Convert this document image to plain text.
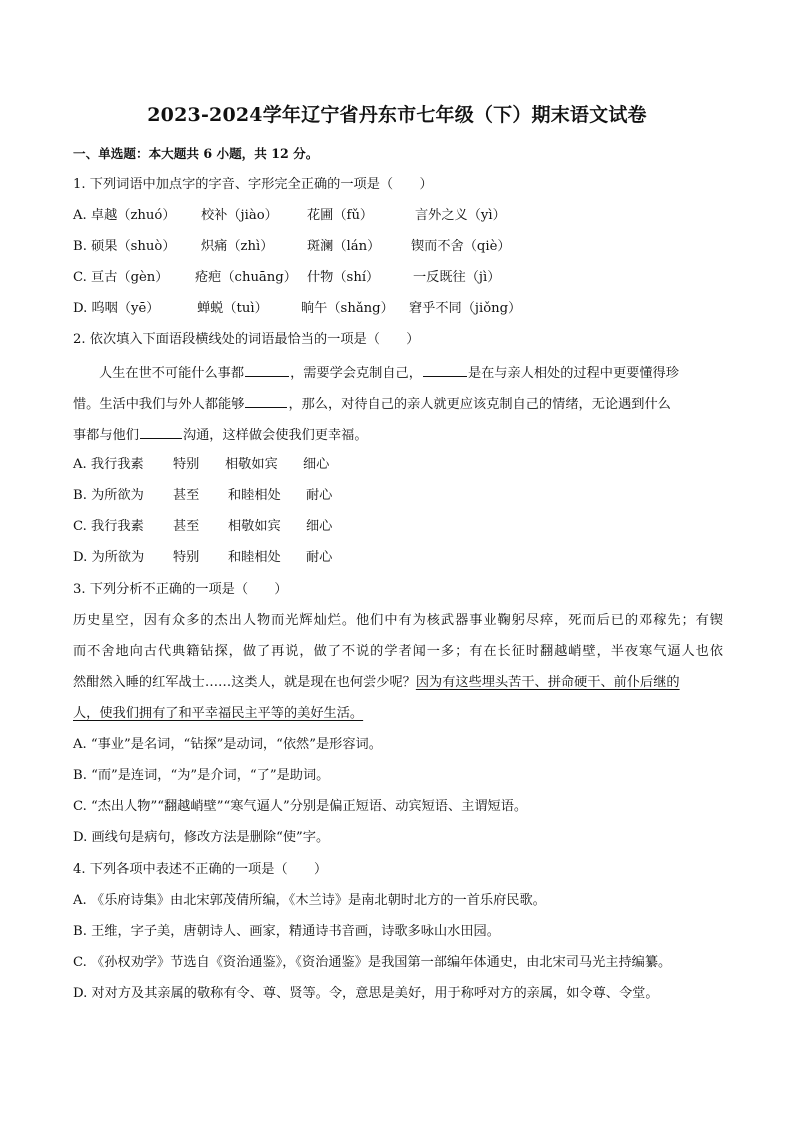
2023-2024学年辽宁省丹东市七年级（下）期末语文试卷
一、单选题：本大题共 6 小题，共 12 分。
1. 下列词语中加点字的字音、字形完全正确的一项是（　　）
A. 卓越（zhuó） 校补（jiào） 花圃（fǔ）	言外之义（yì）
B. 硕果（shuò） 炽痛（zhì）	斑澜（lán） 锲而不舍（qiè）
C. 亘古（gèn） 疮疤（chuāng） 什物（shí）	一反既往（jì）
D. 呜咽（yē）	蝉蜕（tuì）	晌午（shǎng） 窘乎不同（jiǒng）
2. 依次填入下面语段横线处的词语最恰当的一项是（　　）
人生在世不可能什么事都	，需要学会克制自己，	是在与亲人相处的过程中更要懂得珍
惜。生活中我们与外人都能够	，那么，对待自己的亲人就更应该克制自己的情绪，无论遇到什么
事都与他们	沟通，这样做会使我们更幸福。
A. 我行我素 特别 相敬如宾 细心
B. 为所欲为 甚至 和睦相处 耐心
C. 我行我素 甚至 相敬如宾 细心
D. 为所欲为 特别 和睦相处 耐心
3. 下列分析不正确的一项是（　　）
历史星空，因有众多的杰出人物而光辉灿烂。他们中有为核武器事业鞠躬尽瘁，死而后已的邓稼先；有锲
而不舍地向古代典籍钻探，做了再说，做了不说的学者闻一多；有在长征时翻越峭壁，半夜寒气逼人也依
然酣然入睡的红军战士……这类人，就是现在也何尝少呢？因为有这些埋头苦干、拼命硬干、前仆后继的
人，使我们拥有了和平幸福民主平等的美好生活。
A. “事业”是名词，“钻探”是动词，“依然”是形容词。
B. “而”是连词，“为”是介词，“了”是助词。
C. “杰出人物”“翻越峭壁”“寒气逼人”分别是偏正短语、动宾短语、主谓短语。
D. 画线句是病句，修改方法是删除“使”字。
4. 下列各项中表述不正确的一项是（　　）
A. 《乐府诗集》由北宋郭茂倩所编，《木兰诗》是南北朝时北方的一首乐府民歌。
B. 王维，字子美，唐朝诗人、画家，精通诗书音画，诗歌多咏山水田园。
C. 《孙权劝学》节选自《资治通鉴》，《资治通鉴》是我国第一部编年体通史，由北宋司马光主持编纂。
D. 对对方及其亲属的敬称有令、尊、贤等。令，意思是美好，用于称呼对方的亲属，如令尊、令堂。
